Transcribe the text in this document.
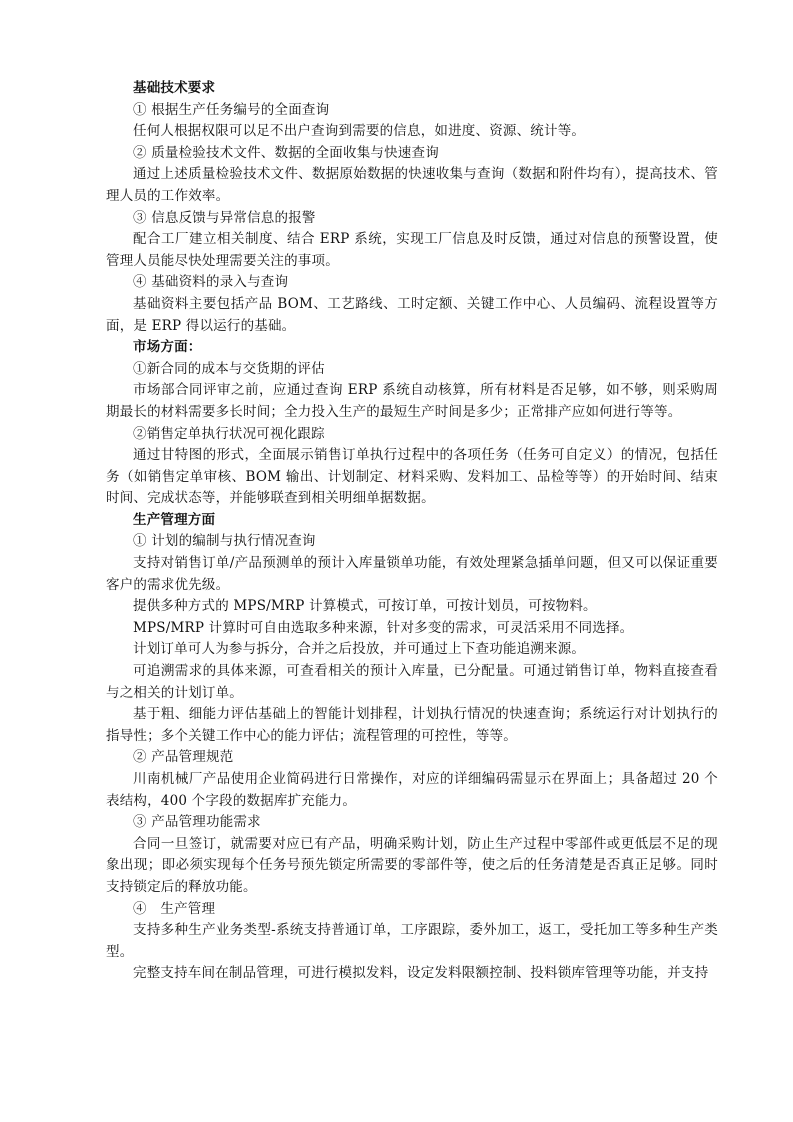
基础技术要求

① 根据生产任务编号的全面查询

任何人根据权限可以足不出户查询到需要的信息，如进度、资源、统计等。

② 质量检验技术文件、数据的全面收集与快速查询

通过上述质量检验技术文件、数据原始数据的快速收集与查询（数据和附件均有），提高技术、管理人员的工作效率。

③ 信息反馈与异常信息的报警

配合工厂建立相关制度、结合 ERP 系统，实现工厂信息及时反馈，通过对信息的预警设置，使管理人员能尽快处理需要关注的事项。

④ 基础资料的录入与查询

基础资料主要包括产品 BOM、工艺路线、工时定额、关键工作中心、人员编码、流程设置等方面，是 ERP 得以运行的基础。

市场方面：

①新合同的成本与交货期的评估

市场部合同评审之前，应通过查询 ERP 系统自动核算，所有材料是否足够，如不够，则采购周期最长的材料需要多长时间；全力投入生产的最短生产时间是多少；正常排产应如何进行等等。

②销售定单执行状况可视化跟踪

通过甘特图的形式，全面展示销售订单执行过程中的各项任务（任务可自定义）的情况，包括任务（如销售定单审核、BOM 输出、计划制定、材料采购、发料加工、品检等等）的开始时间、结束时间、完成状态等，并能够联查到相关明细单据数据。

生产管理方面

① 计划的编制与执行情况查询

支持对销售订单/产品预测单的预计入库量锁单功能，有效处理紧急插单问题，但又可以保证重要客户的需求优先级。

提供多种方式的 MPS/MRP 计算模式，可按订单，可按计划员，可按物料。

MPS/MRP 计算时可自由选取多种来源，针对多变的需求，可灵活采用不同选择。

计划订单可人为参与拆分，合并之后投放，并可通过上下查功能追溯来源。

可追溯需求的具体来源，可查看相关的预计入库量，已分配量。可通过销售订单，物料直接查看与之相关的计划订单。

基于粗、细能力评估基础上的智能计划排程，计划执行情况的快速查询；系统运行对计划执行的指导性；多个关键工作中心的能力评估；流程管理的可控性，等等。

② 产品管理规范

川南机械厂产品使用企业简码进行日常操作，对应的详细编码需显示在界面上；具备超过 20 个表结构，400 个字段的数据库扩充能力。

③ 产品管理功能需求

合同一旦签订，就需要对应已有产品，明确采购计划，防止生产过程中零部件或更低层不足的现象出现；即必须实现每个任务号预先锁定所需要的零部件等，使之后的任务清楚是否真正足够。同时支持锁定后的释放功能。

④　生产管理

支持多种生产业务类型-系统支持普通订单，工序跟踪，委外加工，返工，受托加工等多种生产类型。

完整支持车间在制品管理，可进行模拟发料，设定发料限额控制、投料锁库管理等功能，并支持
